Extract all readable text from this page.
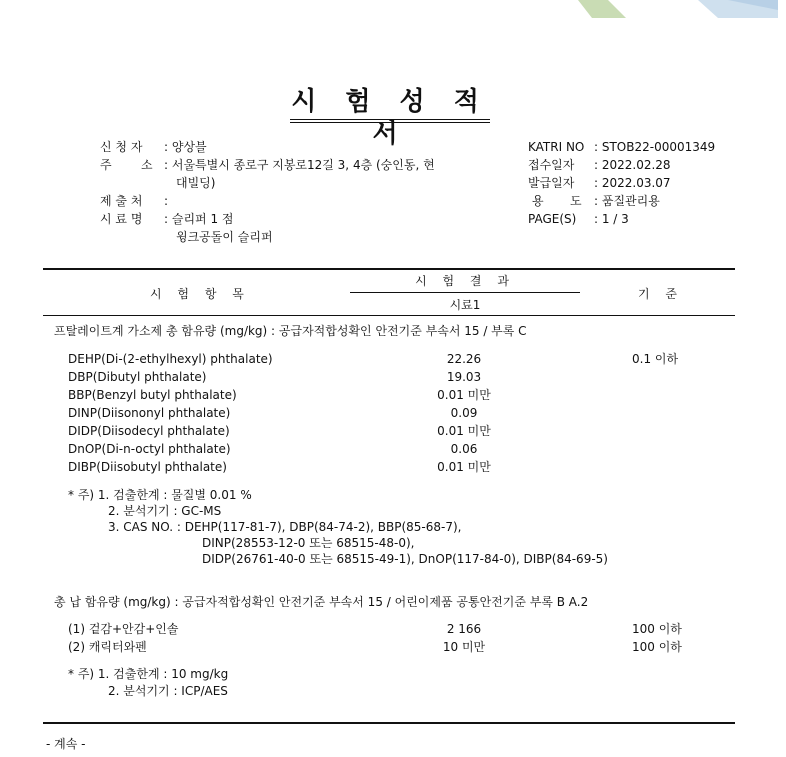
시 험 성 적 서
신 청 자 : 양상블
주 소 : 서울특별시 종로구 지봉로12길 3, 4층 (숭인동, 현
대빌딩)
제 출 처 :
시 료 명 : 슬리퍼 1 점
윙크공돌이 슬리퍼
KATRI NO : STOB22-00001349
접수일자 : 2022.02.28
발급일자 : 2022.03.07
용 도 : 품질관리용
PAGE(S) : 1 / 3
시 험 항 목
시 험 결 과
시료1
기 준
프탈레이트계 가소제 총 함유량 (mg/kg) : 공급자적합성확인 안전기준 부속서 15 / 부록 C
DEHP(Di-(2-ethylhexyl) phthalate)	22.26	0.1 이하
DBP(Dibutyl phthalate)	19.03
BBP(Benzyl butyl phthalate)	0.01 미만
DINP(Diisononyl phthalate)	0.09
DIDP(Diisodecyl phthalate)	0.01 미만
DnOP(Di-n-octyl phthalate)	0.06
DIBP(Diisobutyl phthalate)	0.01 미만
* 주) 1. 검출한계 : 물질별 0.01 %
2. 분석기기 : GC-MS
3. CAS NO. : DEHP(117-81-7), DBP(84-74-2), BBP(85-68-7),
DINP(28553-12-0 또는 68515-48-0),
DIDP(26761-40-0 또는 68515-49-1), DnOP(117-84-0), DIBP(84-69-5)
총 납 함유량 (mg/kg) : 공급자적합성확인 안전기준 부속서 15 / 어린이제품 공통안전기준 부록 B A.2
(1) 겉감+안감+인솔	2 166	100 이하
(2) 캐릭터와펜	10 미만	100 이하
* 주) 1. 검출한계 : 10 mg/kg
2. 분석기기 : ICP/AES
- 계속 -
